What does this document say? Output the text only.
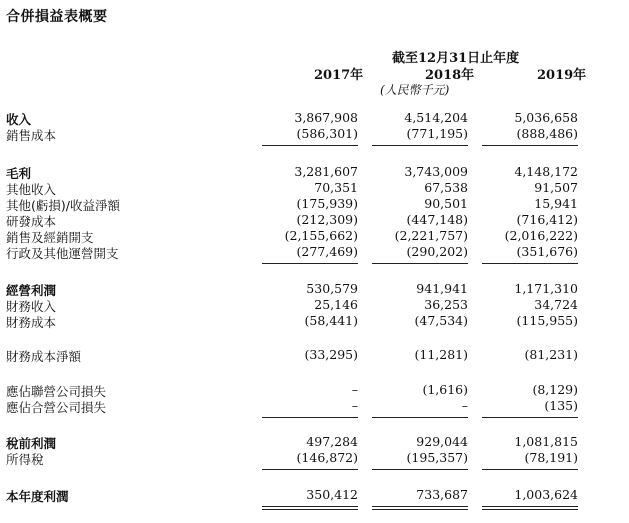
合併損益表概要
截至12月31日止年度
2017年	2018年	2019年
(人民幣千元)
收入	3,867,908	4,514,204	5,036,658
銷售成本	(586,301)	(771,195)	(888,486)
毛利	3,281,607	3,743,009	4,148,172
其他收入	70,351	67,538	91,507
其他(虧損)/收益淨額	(175,939)	90,501	15,941
研發成本	(212,309)	(447,148)	(716,412)
銷售及經銷開支	(2,155,662)	(2,221,757)	(2,016,222)
行政及其他運營開支	(277,469)	(290,202)	(351,676)
經營利潤	530,579	941,941	1,171,310
財務收入	25,146	36,253	34,724
財務成本	(58,441)	(47,534)	(115,955)
財務成本淨額	(33,295)	(11,281)	(81,231)
應佔聯營公司損失	–	(1,616)	(8,129)
應佔合營公司損失	–	–	(135)
稅前利潤	497,284	929,044	1,081,815
所得稅	(146,872)	(195,357)	(78,191)
本年度利潤	350,412	733,687	1,003,624
